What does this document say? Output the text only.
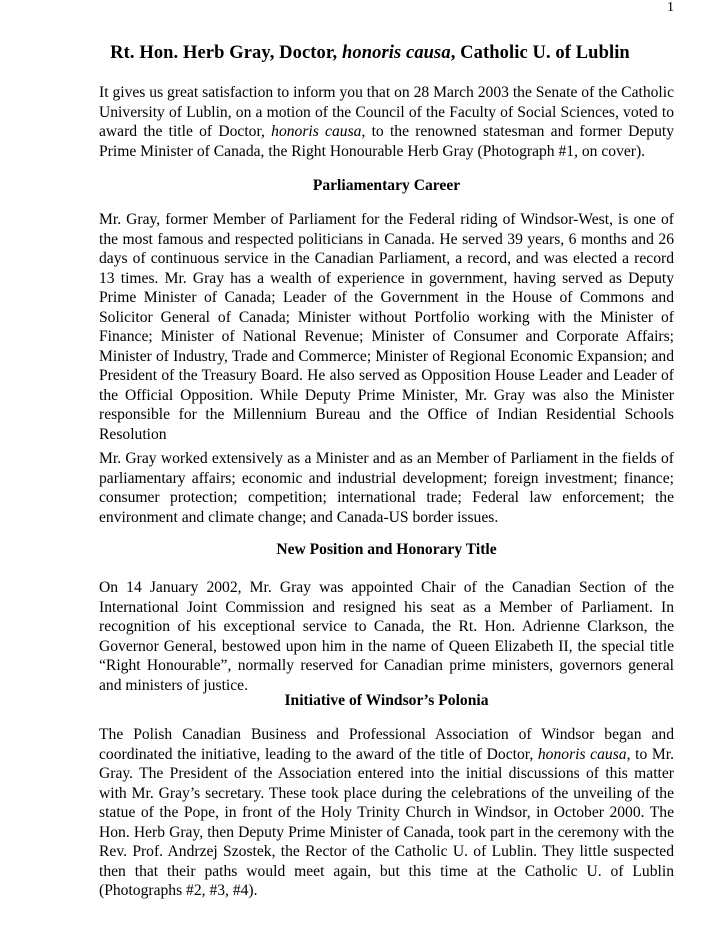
1
Rt. Hon. Herb Gray, Doctor, honoris causa, Catholic U. of Lublin

It gives us great satisfaction to inform you that on 28 March 2003 the Senate of the Catholic University of Lublin, on a motion of the Council of the Faculty of Social Sciences, voted to award the title of Doctor, honoris causa, to the renowned statesman and former Deputy Prime Minister of Canada, the Right Honourable Herb Gray (Photograph #1, on cover).

Parliamentary Career

Mr. Gray, former Member of Parliament for the Federal riding of Windsor-West, is one of the most famous and respected politicians in Canada. He served 39 years, 6 months and 26 days of continuous service in the Canadian Parliament, a record, and was elected a record 13 times. Mr. Gray has a wealth of experience in government, having served as Deputy Prime Minister of Canada; Leader of the Government in the House of Commons and Solicitor General of Canada; Minister without Portfolio working with the Minister of Finance; Minister of National Revenue; Minister of Consumer and Corporate Affairs; Minister of Industry, Trade and Commerce; Minister of Regional Economic Expansion; and President of the Treasury Board. He also served as Opposition House Leader and Leader of the Official Opposition. While Deputy Prime Minister, Mr. Gray was also the Minister responsible for the Millennium Bureau and the Office of Indian Residential Schools Resolution

Mr. Gray worked extensively as a Minister and as an Member of Parliament in the fields of parliamentary affairs; economic and industrial development; foreign investment; finance; consumer protection; competition; international trade; Federal law enforcement; the environment and climate change; and Canada-US border issues.

New Position and Honorary Title

On 14 January 2002, Mr. Gray was appointed Chair of the Canadian Section of the International Joint Commission and resigned his seat as a Member of Parliament. In recognition of his exceptional service to Canada, the Rt. Hon. Adrienne Clarkson, the Governor General, bestowed upon him in the name of Queen Elizabeth II, the special title “Right Honourable”, normally reserved for Canadian prime ministers, governors general and ministers of justice.

Initiative of Windsor’s Polonia

The Polish Canadian Business and Professional Association of Windsor began and coordinated the initiative, leading to the award of the title of Doctor, honoris causa, to Mr. Gray. The President of the Association entered into the initial discussions of this matter with Mr. Gray’s secretary. These took place during the celebrations of the unveiling of the statue of the Pope, in front of the Holy Trinity Church in Windsor, in October 2000. The Hon. Herb Gray, then Deputy Prime Minister of Canada, took part in the ceremony with the Rev. Prof. Andrzej Szostek, the Rector of the Catholic U. of Lublin. They little suspected then that their paths would meet again, but this time at the Catholic U. of Lublin (Photographs #2, #3, #4).
